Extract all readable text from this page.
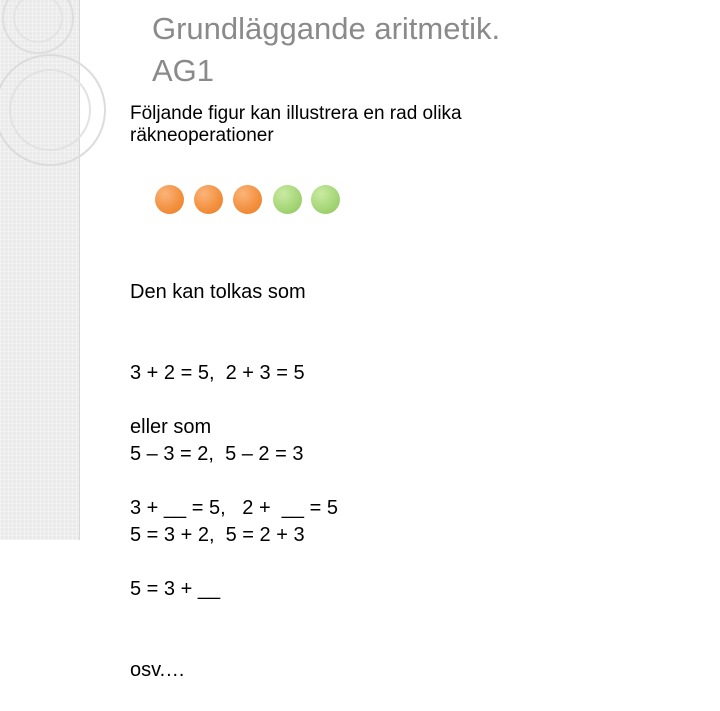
Grundläggande aritmetik.
AG1
Följande figur kan illustrera en rad olika
räkneoperationer

Den kan tolkas som

3 + 2 = 5,  2 + 3 = 5

5 – 3 = 2,  5 – 2 = 3

5 = 3 + 2,  5 = 2 + 3

eller som

3 + __ = 5,   2 +  __ = 5

5 = 3 + __

osv.…
